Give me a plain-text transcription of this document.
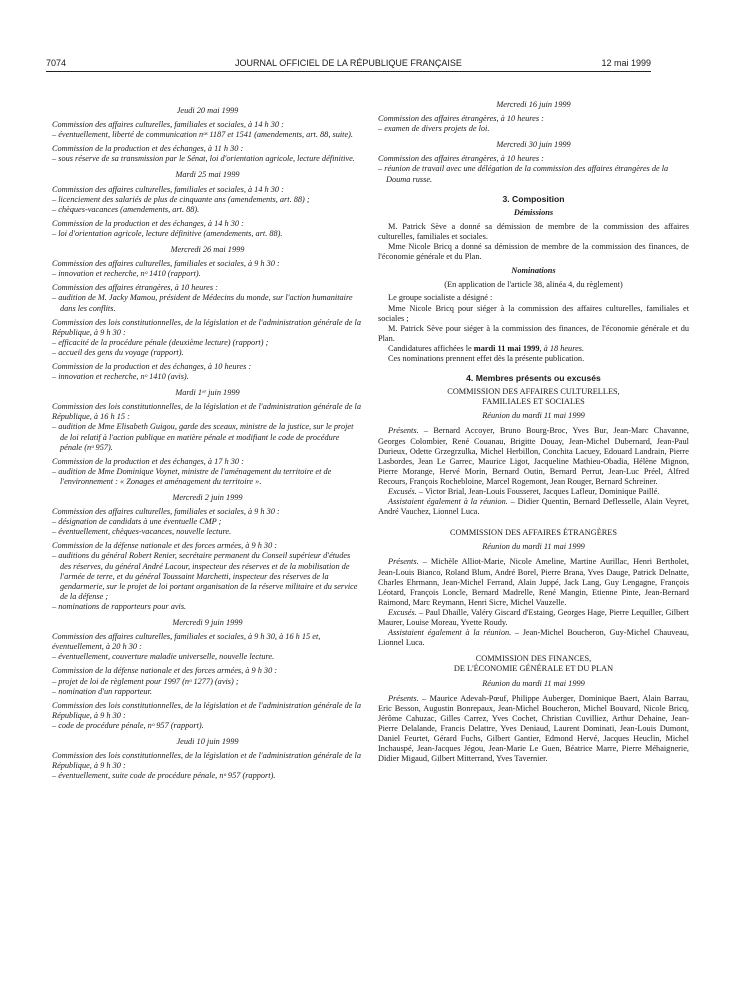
7074	JOURNAL OFFICIEL DE LA RÉPUBLIQUE FRANÇAISE	12 mai 1999
Jeudi 20 mai 1999
Commission des affaires culturelles, familiales et sociales, à 14 h 30 :
– éventuellement, liberté de communication nᵒˢ 1187 et 1541 (amendements, art. 88, suite).
Commission de la production et des échanges, à 11 h 30 :
– sous réserve de sa transmission par le Sénat, loi d'orientation agricole, lecture définitive.
Mardi 25 mai 1999
Commission des affaires culturelles, familiales et sociales, à 14 h 30 :
– licenciement des salariés de plus de cinquante ans (amendements, art. 88) ;
– chèques-vacances (amendements, art. 88).
Commission de la production et des échanges, à 14 h 30 :
– loi d'orientation agricole, lecture définitive (amendements, art. 88).
Mercredi 26 mai 1999
Commission des affaires culturelles, familiales et sociales, à 9 h 30 :
– innovation et recherche, nᵒ 1410 (rapport).
Commission des affaires étrangères, à 10 heures :
– audition de M. Jacky Mamou, président de Médecins du monde, sur l'action humanitaire dans les conflits.
Commission des lois constitutionnelles, de la législation et de l'administration générale de la République, à 9 h 30 :
– efficacité de la procédure pénale (deuxième lecture) (rapport) ;
– accueil des gens du voyage (rapport).
Commission de la production et des échanges, à 10 heures :
– innovation et recherche, nᵒ 1410 (avis).
Mardi 1ᵉʳ juin 1999
Commission des lois constitutionnelles, de la législation et de l'administration générale de la République, à 16 h 15 :
– audition de Mme Elisabeth Guigou, garde des sceaux, ministre de la justice, sur le projet de loi relatif à l'action publique en matière pénale et modifiant le code de procédure pénale (nᵒ 957).
Commission de la production et des échanges, à 17 h 30 :
– audition de Mme Dominique Voynet, ministre de l'aménagement du territoire et de l'environnement : « Zonages et aménagement du territoire ».
Mercredi 2 juin 1999
Commission des affaires culturelles, familiales et sociales, à 9 h 30 :
– désignation de candidats à une éventuelle CMP ;
– éventuellement, chèques-vacances, nouvelle lecture.
Commission de la défense nationale et des forces armées, à 9 h 30 :
– auditions du général Robert Renier, secrétaire permanent du Conseil supérieur d'études des réserves, du général André Lacour, inspecteur des réserves et de la mobilisation de l'armée de terre, et du général Toussaint Marchetti, inspecteur des réserves de la gendarmerie, sur le projet de loi portant organisation de la réserve militaire et du service de la défense ;
– nominations de rapporteurs pour avis.
Mercredi 9 juin 1999
Commission des affaires culturelles, familiales et sociales, à 9 h 30, à 16 h 15 et, éventuellement, à 20 h 30 :
– éventuellement, couverture maladie universelle, nouvelle lecture.
Commission de la défense nationale et des forces armées, à 9 h 30 :
– projet de loi de règlement pour 1997 (nᵒ 1277) (avis) ;
– nomination d'un rapporteur.
Commission des lois constitutionnelles, de la législation et de l'administration générale de la République, à 9 h 30 :
– code de procédure pénale, nᵒ 957 (rapport).
Jeudi 10 juin 1999
Commission des lois constitutionnelles, de la législation et de l'administration générale de la République, à 9 h 30 :
– éventuellement, suite code de procédure pénale, nᵒ 957 (rapport).
Mercredi 16 juin 1999
Commission des affaires étrangères, à 10 heures :
– examen de divers projets de loi.
Mercredi 30 juin 1999
Commission des affaires étrangères, à 10 heures :
– réunion de travail avec une délégation de la commission des affaires étrangères de la Douma russe.
3. Composition
Démissions
M. Patrick Sève a donné sa démission de membre de la commission des affaires culturelles, familiales et sociales.
Mme Nicole Bricq a donné sa démission de membre de la commission des finances, de l'économie générale et du Plan.
Nominations
(En application de l'article 38, alinéa 4, du règlement)
Le groupe socialiste a désigné :
Mme Nicole Bricq pour siéger à la commission des affaires culturelles, familiales et sociales ;
M. Patrick Sève pour siéger à la commission des finances, de l'économie générale et du Plan.
Candidatures affichées le mardi 11 mai 1999, à 18 heures.
Ces nominations prennent effet dès la présente publication.
4. Membres présents ou excusés
COMMISSION DES AFFAIRES CULTURELLES,
FAMILIALES ET SOCIALES
Réunion du mardi 11 mai 1999
Présents. – Bernard Accoyer, Bruno Bourg-Broc, Yves Bur, Jean-Marc Chavanne, Georges Colombier, René Couanau, Brigitte Douay, Jean-Michel Dubernard, Jean-Paul Durieux, Odette Grzegrzulka, Michel Herbillon, Conchita Lacuey, Edouard Landrain, Pierre Lasbordes, Jean Le Garrec, Maurice Ligot, Jacqueline Mathieu-Obadia, Hélène Mignon, Pierre Morange, Hervé Morin, Bernard Outin, Bernard Perrut, Jean-Luc Préel, Alfred Recours, François Rochebloine, Marcel Rogemont, Jean Rouger, Bernard Schreiner.
Excusés. – Victor Brial, Jean-Louis Fousseret, Jacques Lafleur, Dominique Paillé.
Assistaient également à la réunion. – Didier Quentin, Bernard Deflesselle, Alain Veyret, André Vauchez, Lionnel Luca.
COMMISSION DES AFFAIRES ÉTRANGÈRES
Réunion du mardi 11 mai 1999
Présents. – Michèle Alliot-Marie, Nicole Ameline, Martine Aurillac, Henri Bertholet, Jean-Louis Bianco, Roland Blum, André Borel, Pierre Brana, Yves Dauge, Patrick Delnatte, Charles Ehrmann, Jean-Michel Ferrand, Alain Juppé, Jack Lang, Guy Lengagne, François Léotard, François Loncle, Bernard Madrelle, René Mangin, Etienne Pinte, Jean-Bernard Raimond, Marc Reymann, Henri Sicre, Michel Vauzelle.
Excusés. – Paul Dhaille, Valéry Giscard d'Estaing, Georges Hage, Pierre Lequiller, Gilbert Maurer, Louise Moreau, Yvette Roudy.
Assistaient également à la réunion. – Jean-Michel Boucheron, Guy-Michel Chauveau, Lionnel Luca.
COMMISSION DES FINANCES,
DE L'ÉCONOMIE GÉNÉRALE ET DU PLAN
Réunion du mardi 11 mai 1999
Présents. – Maurice Adevah-Pœuf, Philippe Auberger, Dominique Baert, Alain Barrau, Eric Besson, Augustin Bonrepaux, Jean-Michel Boucheron, Michel Bouvard, Nicole Bricq, Jérôme Cahuzac, Gilles Carrez, Yves Cochet, Christian Cuvilliez, Arthur Dehaine, Jean-Pierre Delalande, Francis Delattre, Yves Deniaud, Laurent Dominati, Jean-Louis Dumont, Daniel Feurtet, Gérard Fuchs, Gilbert Gantier, Edmond Hervé, Jacques Heuclin, Michel Inchauspé, Jean-Jacques Jégou, Jean-Marie Le Guen, Béatrice Marre, Pierre Méhaignerie, Didier Migaud, Gilbert Mitterrand, Yves Tavernier.
